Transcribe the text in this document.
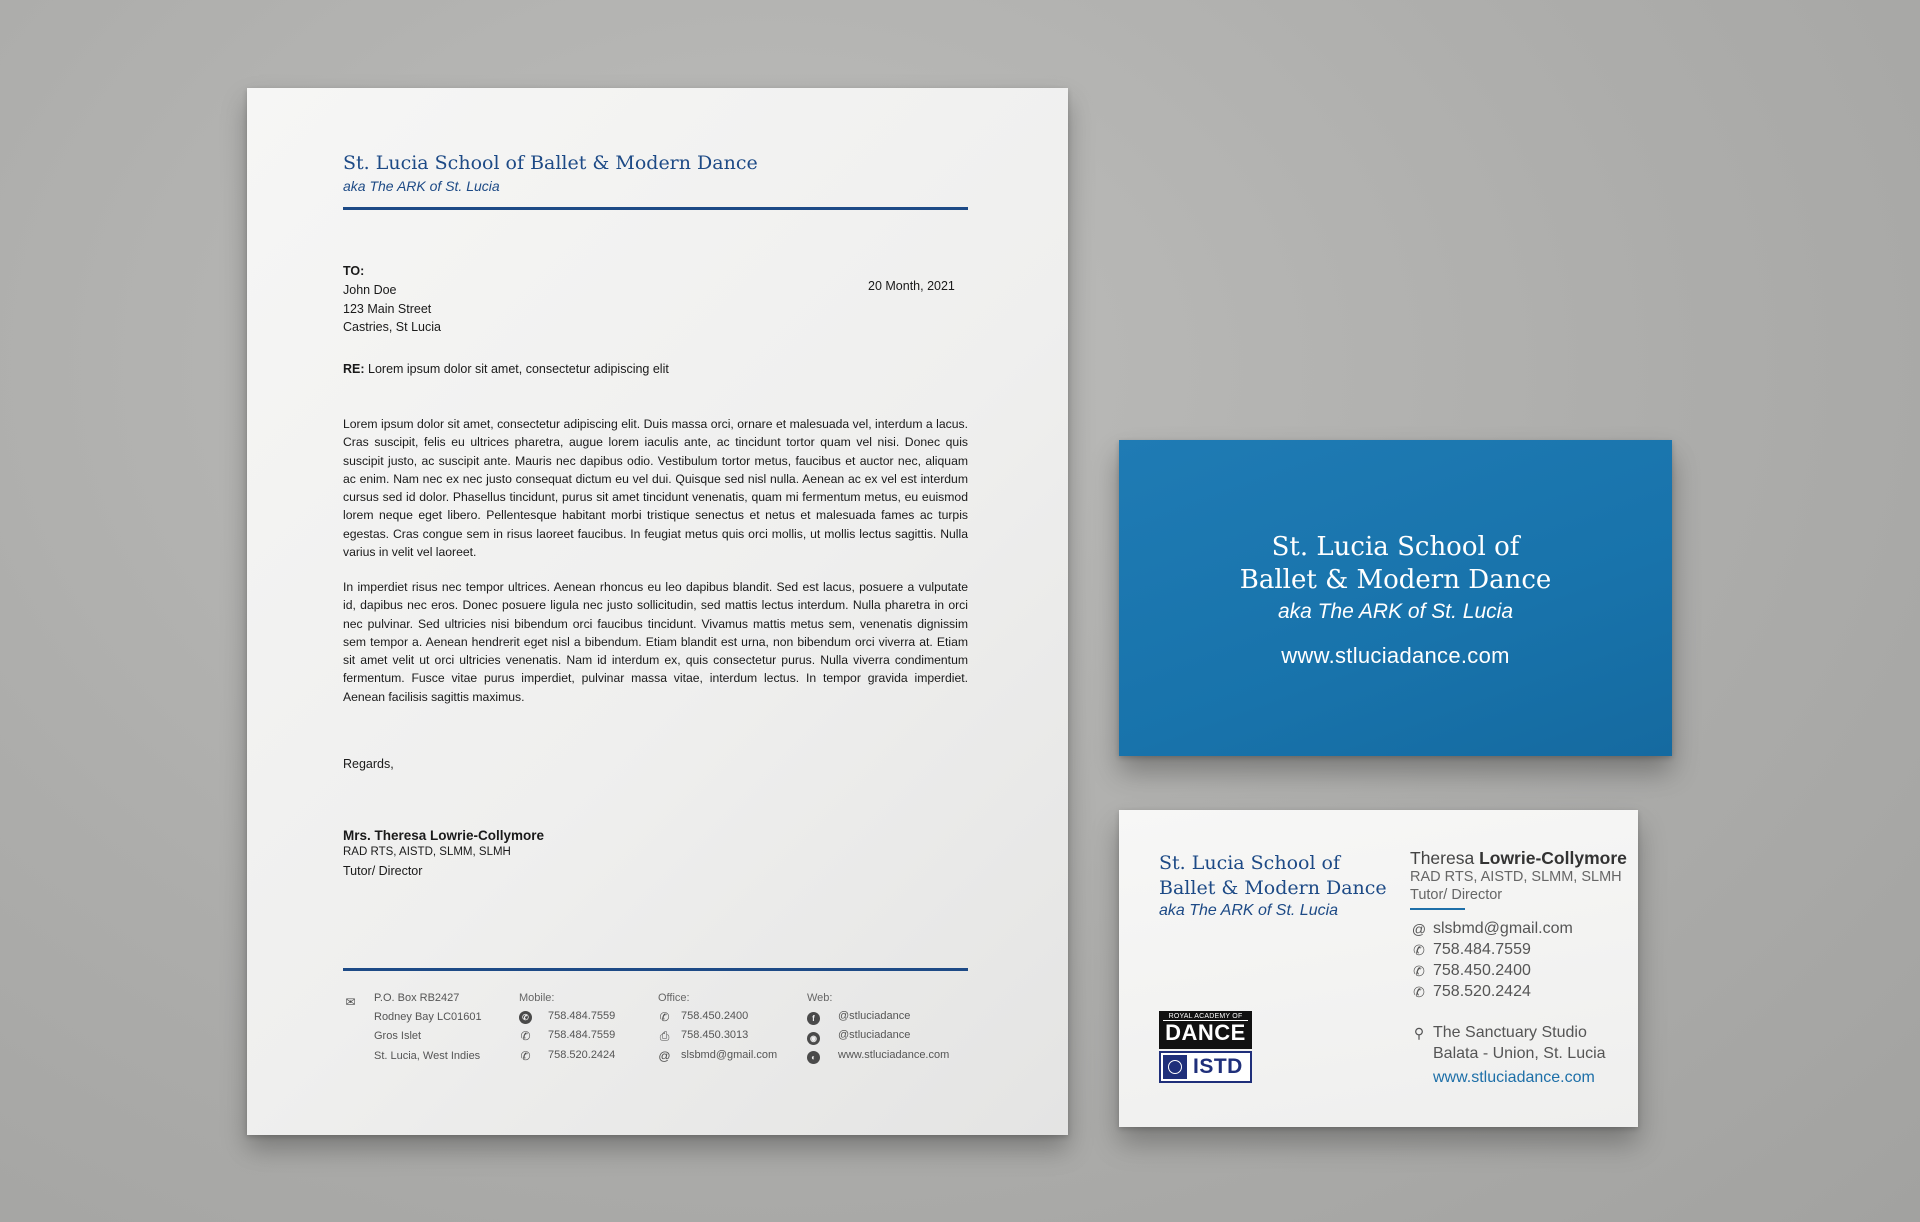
St. Lucia School of Ballet & Modern Dance
aka The ARK of St. Lucia
TO:
John Doe
123 Main Street
Castries, St Lucia
20 Month, 2021
RE: Lorem ipsum dolor sit amet, consectetur adipiscing elit
Lorem ipsum dolor sit amet, consectetur adipiscing elit. Duis massa orci, ornare et malesuada vel, interdum a lacus. Cras suscipit, felis eu ultrices pharetra, augue lorem iaculis ante, ac tincidunt tortor quam vel nisi. Donec quis suscipit justo, ac suscipit ante. Mauris nec dapibus odio. Vestibulum tortor metus, faucibus et auctor nec, aliquam ac enim. Nam nec ex nec justo consequat dictum eu vel dui. Quisque sed nisl nulla. Aenean ac ex vel est interdum cursus sed id dolor. Phasellus tincidunt, purus sit amet tincidunt venenatis, quam mi fermentum metus, eu euismod lorem neque eget libero. Pellentesque habitant morbi tristique senectus et netus et malesuada fames ac turpis egestas. Cras congue sem in risus laoreet faucibus. In feugiat metus quis orci mollis, ut mollis lectus sagittis. Nulla varius in velit vel laoreet.
In imperdiet risus nec tempor ultrices. Aenean rhoncus eu leo dapibus blandit. Sed est lacus, posuere a vulputate id, dapibus nec eros. Donec posuere ligula nec justo sollicitudin, sed mattis lectus interdum. Nulla pharetra in orci nec pulvinar. Sed ultricies nisi bibendum orci faucibus tincidunt. Vivamus mattis metus sem, venenatis dignissim sem tempor a. Aenean hendrerit eget nisl a bibendum. Etiam blandit est urna, non bibendum orci viverra at. Etiam sit amet velit ut orci ultricies venenatis. Nam id interdum ex, quis consectetur purus. Nulla viverra condimentum fermentum. Fusce vitae purus imperdiet, pulvinar massa vitae, interdum lectus. In tempor gravida imperdiet. Aenean facilisis sagittis maximus.
Regards,
Mrs. Theresa Lowrie-Collymore
RAD RTS, AISTD, SLMM, SLMH
Tutor/ Director
✉ P.O. Box RB2427
Rodney Bay LC01601
Gros Islet
St. Lucia, West Indies
Mobile:
✆ 758.484.7559
✆ 758.484.7559
✆ 758.520.2424
Office:
✆ 758.450.2400
⎙ 758.450.3013
@ slsbmd@gmail.com
Web:
f	@stluciadance
◉ @stluciadance
◐	www.stluciadance.com
St. Lucia School of
Ballet & Modern Dance
aka The ARK of St. Lucia
www.stluciadance.com
St. Lucia School of
Ballet & Modern Dance
aka The ARK of St. Lucia
Theresa Lowrie-Collymore
RAD RTS, AISTD, SLMM, SLMH
Tutor/ Director
@ slsbmd@gmail.com
✆ 758.484.7559
✆ 758.450.2400
✆ 758.520.2424
⚲ The Sanctuary Studio
Balata - Union, St. Lucia
www.stluciadance.com
ROYAL ACADEMY OF
DANCE
ISTD
